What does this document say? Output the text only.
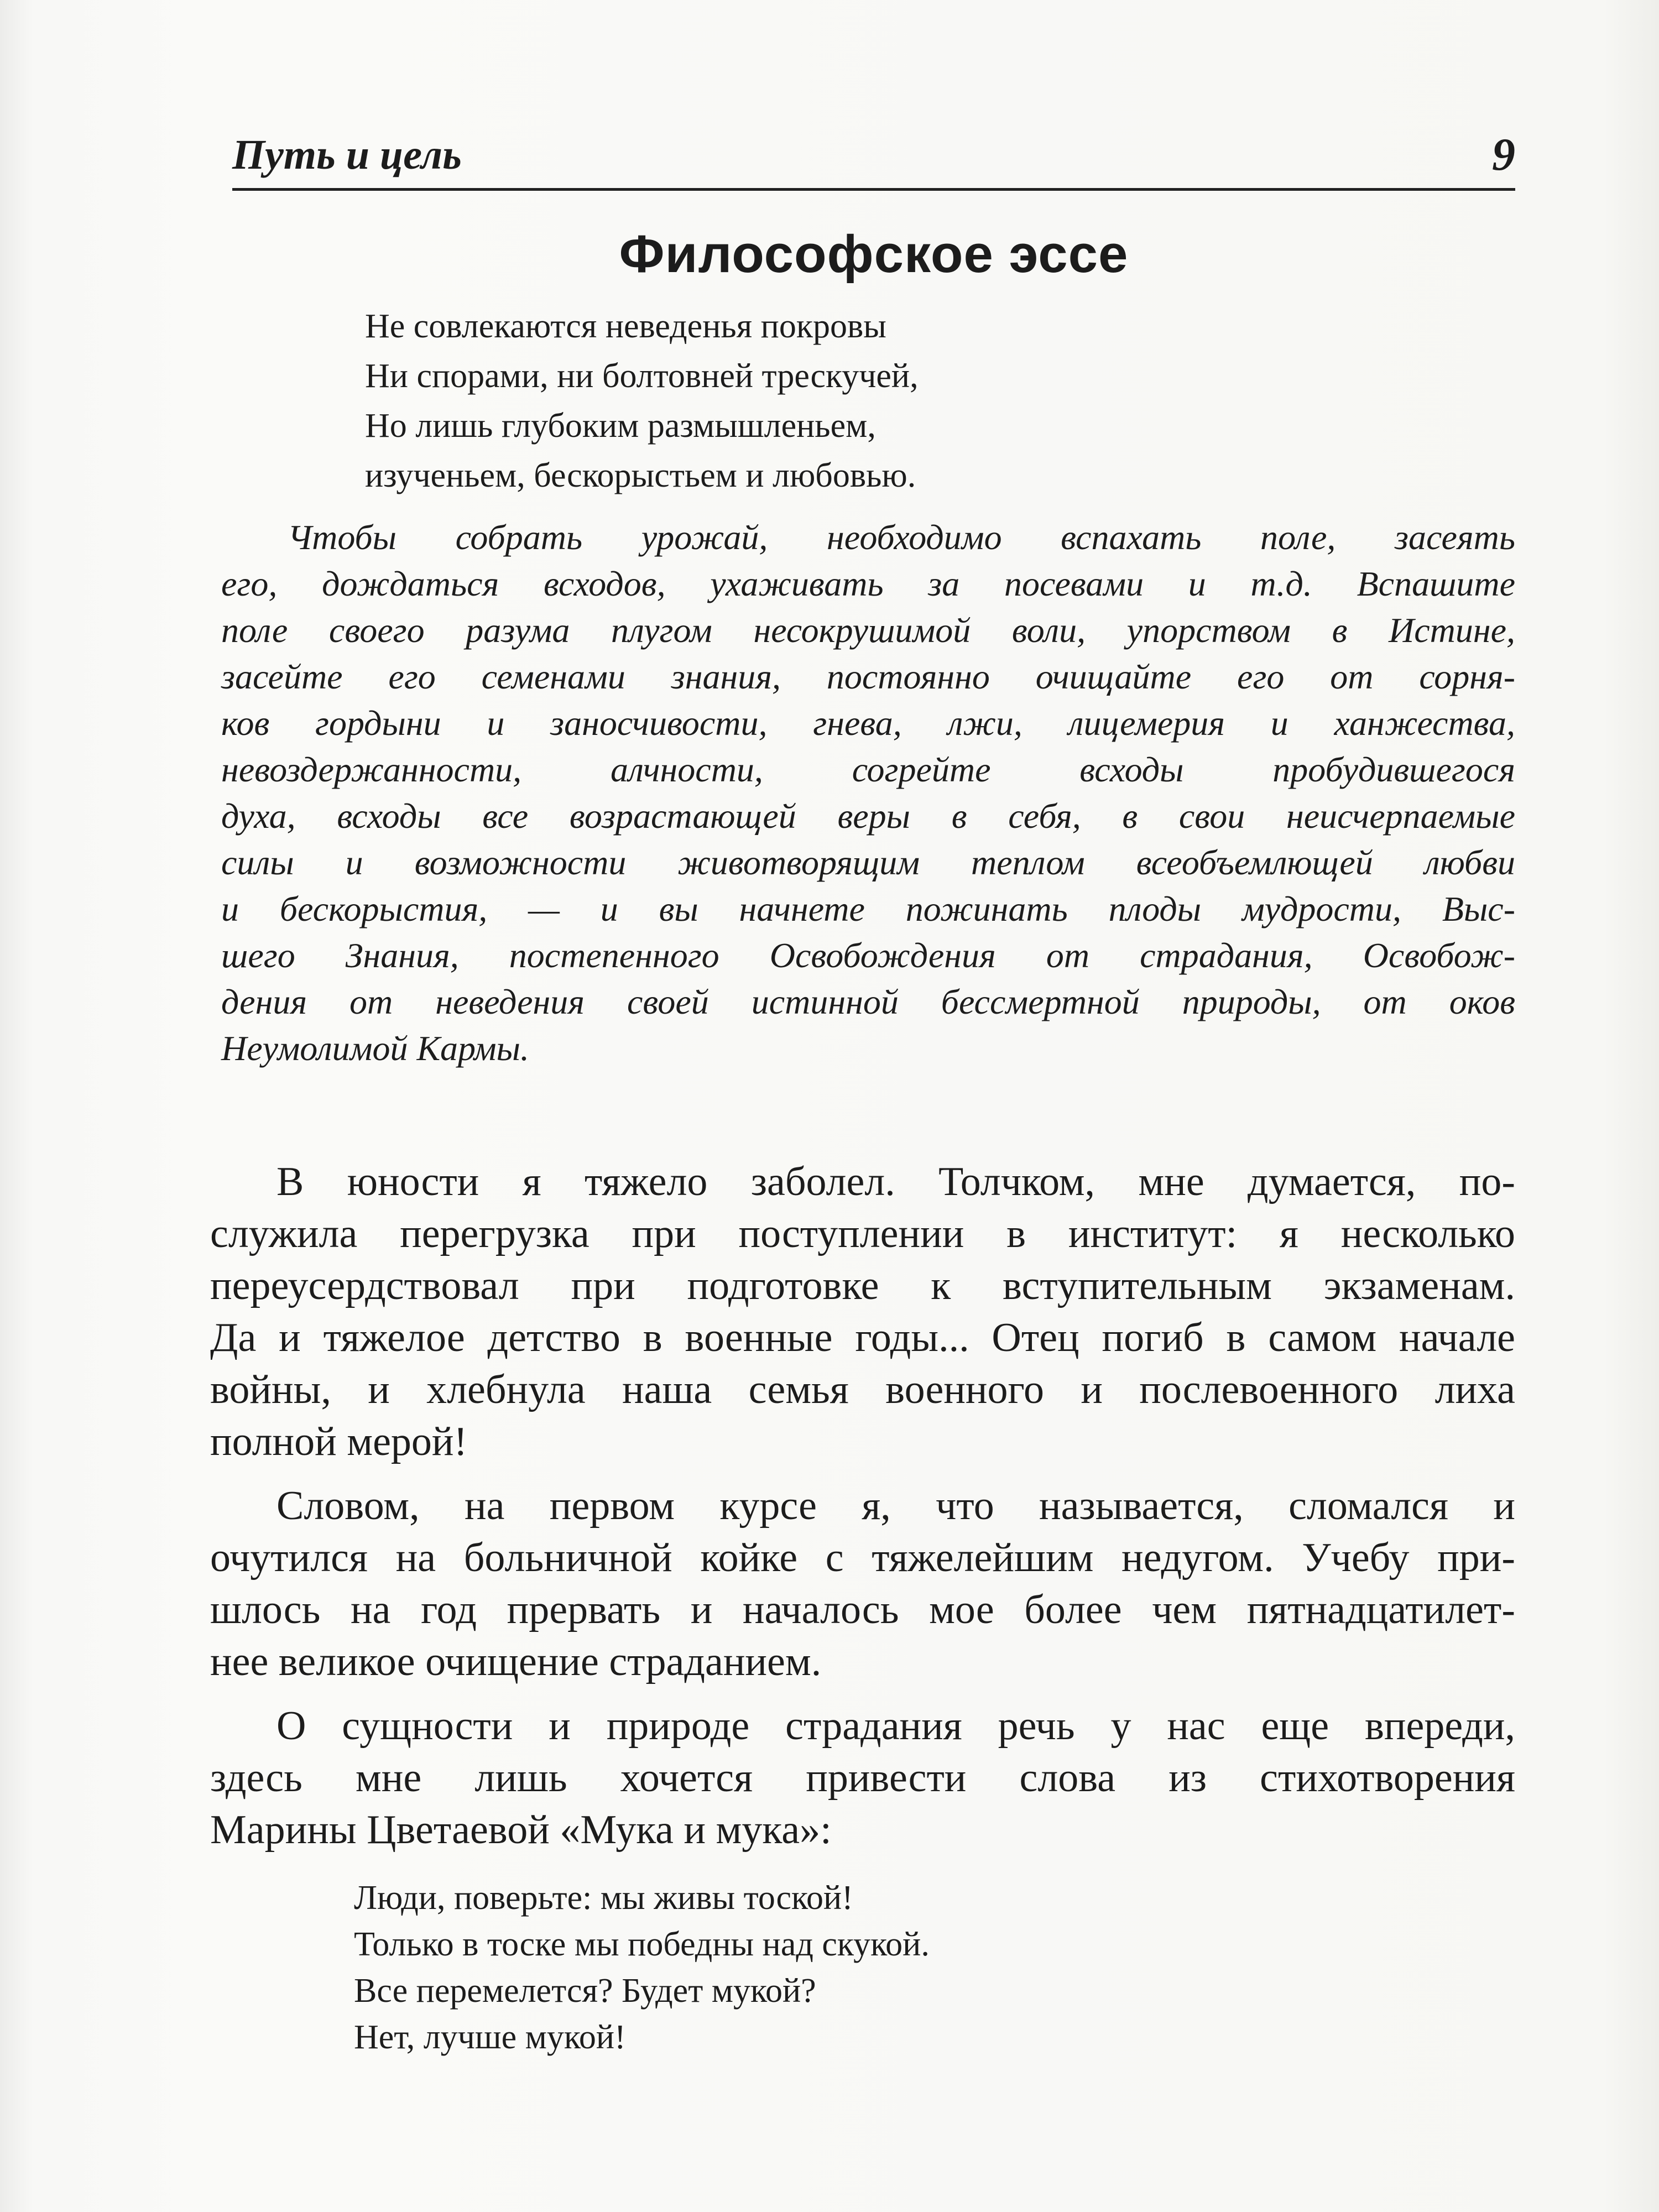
Путь и цель	9
Философское эссе
Не совлекаются неведенья покровы
Ни спорами, ни болтовней трескучей,
Но лишь глубоким размышленьем,
изученьем, бескорыстьем и любовью.
Чтобы собрать урожай, необходимо вспахать поле, засеять
его, дождаться всходов, ухаживать за посевами и т.д. Вспашите
поле своего разума плугом несокрушимой воли, упорством в Истине,
засейте его семенами знания, постоянно очищайте его от сорня-
ков гордыни и заносчивости, гнева, лжи, лицемерия и ханжества,
невоздержанности, алчности, согрейте всходы пробудившегося
духа, всходы все возрастающей веры в себя, в свои неисчерпаемые
силы и возможности животворящим теплом всеобъемлющей любви
и бескорыстия, — и вы начнете пожинать плоды мудрости, Выс-
шего Знания, постепенного Освобождения от страдания, Освобож-
дения от неведения своей истинной бессмертной природы, от оков
Неумолимой Кармы.
В юности я тяжело заболел. Толчком, мне думается, по-
служила перегрузка при поступлении в институт: я несколько
переусердствовал при подготовке к вступительным экзаменам.
Да и тяжелое детство в военные годы... Отец погиб в самом начале
войны, и хлебнула наша семья военного и послевоенного лиха
полной мерой!
Словом, на первом курсе я, что называется, сломался и
очутился на больничной койке с тяжелейшим недугом. Учебу при-
шлось на год прервать и началось мое более чем пятнадцатилет-
нее великое очищение страданием.
О сущности и природе страдания речь у нас еще впереди,
здесь мне лишь хочется привести слова из стихотворения
Марины Цветаевой «Мука и мука»:
Люди, поверьте: мы живы тоской!
Только в тоске мы победны над скукой.
Все перемелется? Будет мукой?
Нет, лучше мукой!
